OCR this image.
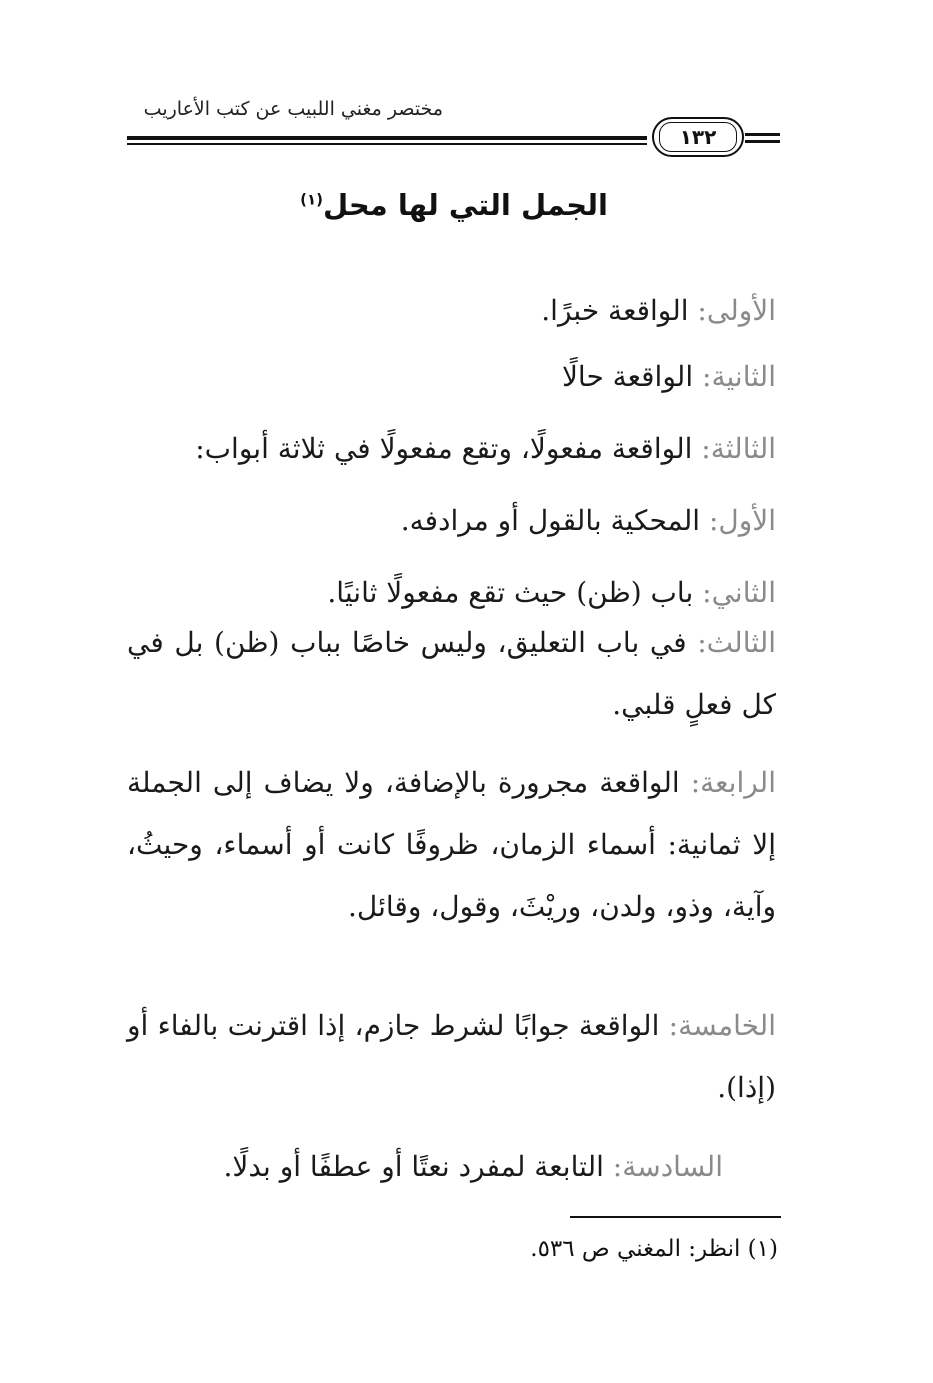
مختصر مغني اللبيب عن كتب الأعاريب
١٣٢
الجمل التي لها محل$^{(١)}$
الأولى: الواقعة خبرًا.
الثانية: الواقعة حالًا
الثالثة: الواقعة مفعولًا، وتقع مفعولًا في ثلاثة أبواب:
الأول: المحكية بالقول أو مرادفه.
الثاني: باب (ظن) حيث تقع مفعولًا ثانيًا.
الثالث: في باب التعليق، وليس خاصًا بباب (ظن) بل في كل فعلٍ قلبي.
الرابعة: الواقعة مجرورة بالإضافة، ولا يضاف إلى الجملة إلا ثمانية: أسماء الزمان، ظروفًا كانت أو أسماء، وحيثُ، وآية، وذو، ولدن، وريْثَ، وقول، وقائل.
الخامسة: الواقعة جوابًا لشرط جازم، إذا اقترنت بالفاء أو (إذا).
السادسة: التابعة لمفرد نعتًا أو عطفًا أو بدلًا.
(١) انظر: المغني ص ٥٣٦.
